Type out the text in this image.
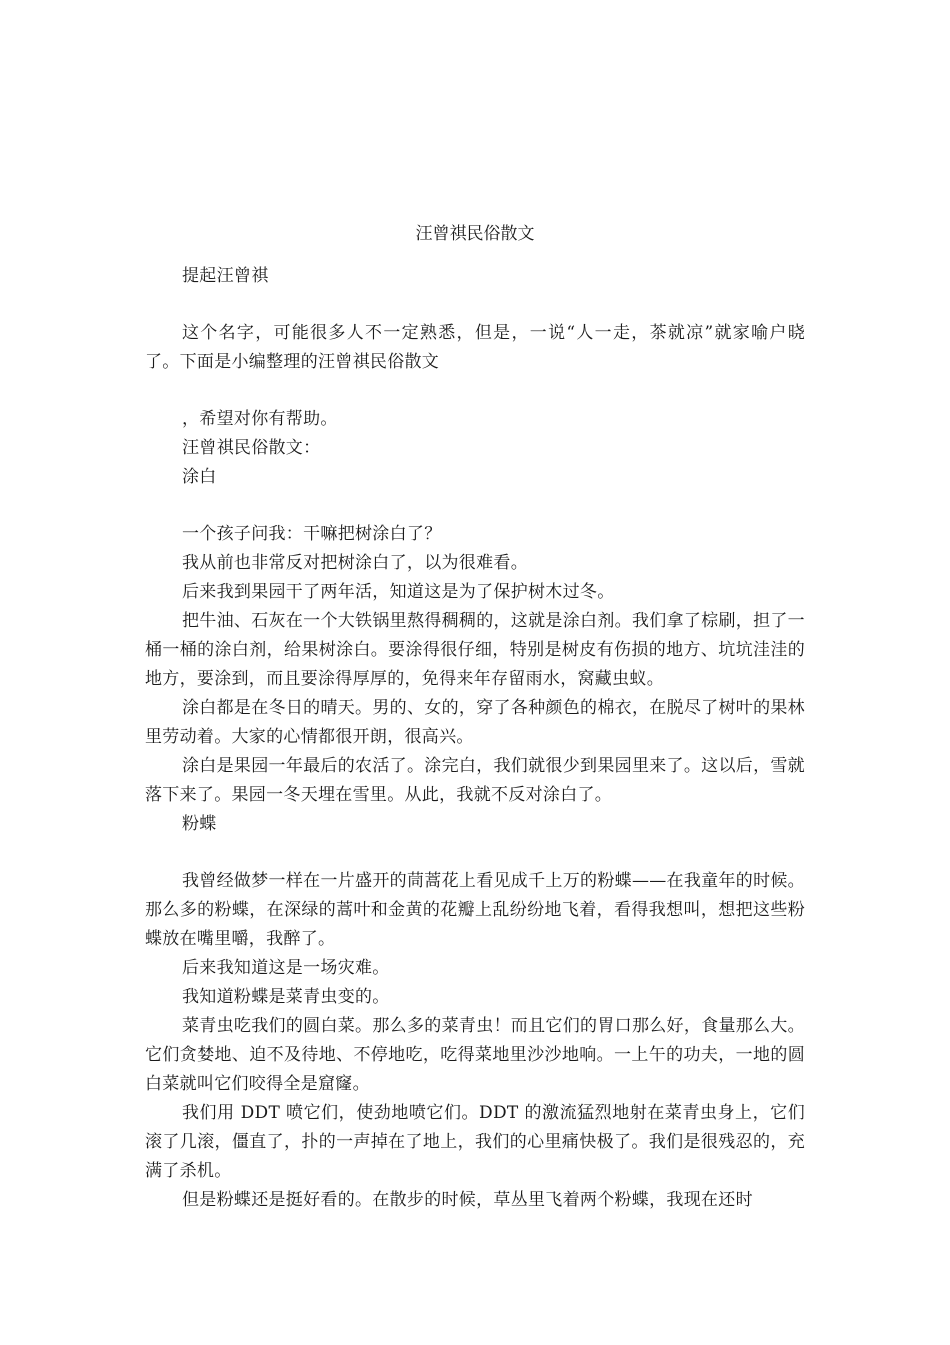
汪曾祺民俗散文

提起汪曾祺

这个名字，可能很多人不一定熟悉，但是，一说“人一走，茶就凉”就家喻户晓了。下面是小编整理的汪曾祺民俗散文

，希望对你有帮助。

汪曾祺民俗散文：

涂白

一个孩子问我：干嘛把树涂白了？

我从前也非常反对把树涂白了，以为很难看。

后来我到果园干了两年活，知道这是为了保护树木过冬。

把牛油、石灰在一个大铁锅里熬得稠稠的，这就是涂白剂。我们拿了棕刷，担了一桶一桶的涂白剂，给果树涂白。要涂得很仔细，特别是树皮有伤损的地方、坑坑洼洼的地方，要涂到，而且要涂得厚厚的，免得来年存留雨水，窝藏虫蚁。

涂白都是在冬日的晴天。男的、女的，穿了各种颜色的棉衣，在脱尽了树叶的果林里劳动着。大家的心情都很开朗，很高兴。

涂白是果园一年最后的农活了。涂完白，我们就很少到果园里来了。这以后，雪就落下来了。果园一冬天埋在雪里。从此，我就不反对涂白了。

粉蝶

我曾经做梦一样在一片盛开的茼蒿花上看见成千上万的粉蝶——在我童年的时候。那么多的粉蝶，在深绿的蒿叶和金黄的花瓣上乱纷纷地飞着，看得我想叫，想把这些粉蝶放在嘴里嚼，我醉了。

后来我知道这是一场灾难。

我知道粉蝶是菜青虫变的。

菜青虫吃我们的圆白菜。那么多的菜青虫！而且它们的胃口那么好，食量那么大。它们贪婪地、迫不及待地、不停地吃，吃得菜地里沙沙地响。一上午的功夫，一地的圆白菜就叫它们咬得全是窟窿。

我们用 DDT 喷它们，使劲地喷它们。DDT 的激流猛烈地射在菜青虫身上，它们滚了几滚，僵直了，扑的一声掉在了地上，我们的心里痛快极了。我们是很残忍的，充满了杀机。

但是粉蝶还是挺好看的。在散步的时候，草丛里飞着两个粉蝶，我现在还时
